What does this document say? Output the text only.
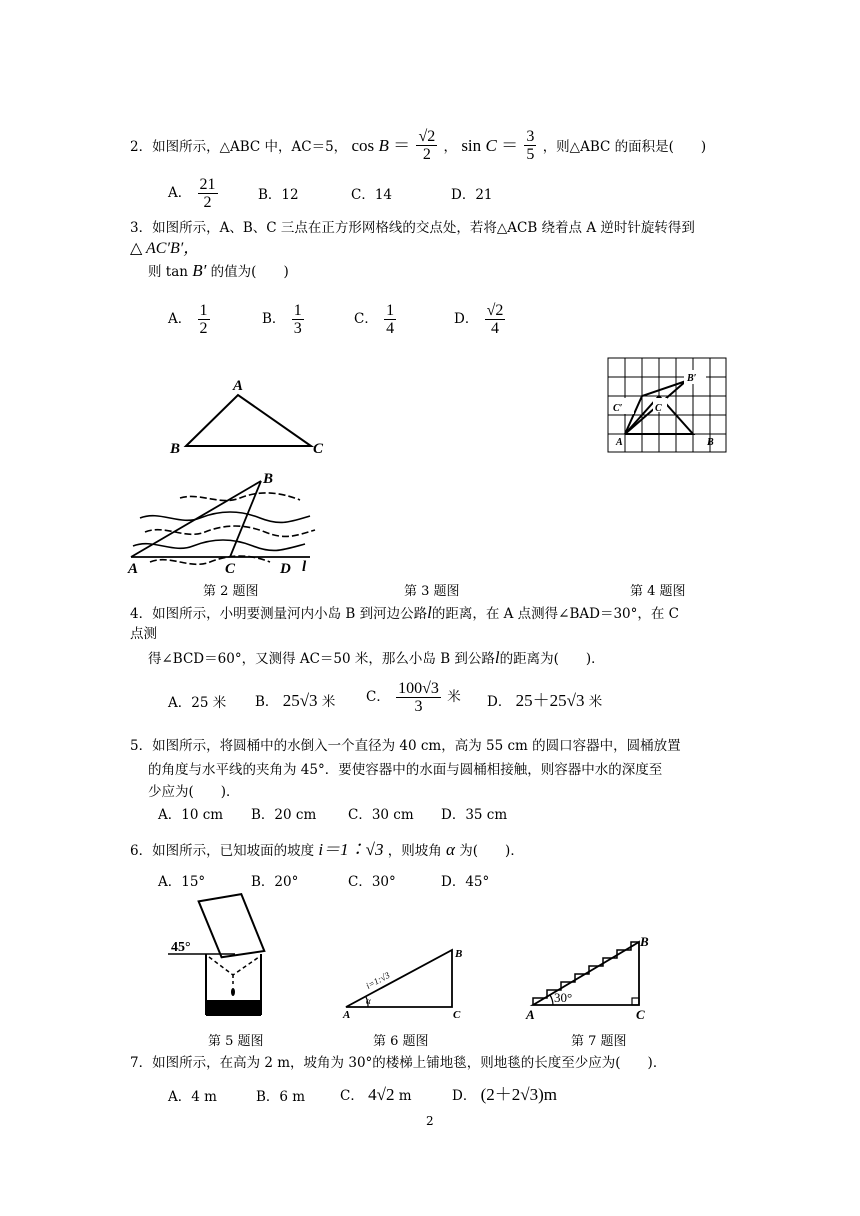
2．如图所示，△ABC 中，AC＝5， $\cos B = \frac{√2}{2}$ ， $\sin C = \frac{3}{5}$ ，则△ABC 的面积是(　　)
A． $\frac{21}{2}$	B．12	C．14	D．21
3．如图所示，A、B、C 三点在正方形网格线的交点处，若将△ACB 绕着点 A 逆时针旋转得到
△ AC′B′，
则 tan B′ 的值为(　　)
A． $\frac{1}{2}$	B． $\frac{1}{3}$	C． $\frac{1}{4}$	D． $\frac{√2}{4}$
A
B	C	A	B
C
C′
B′
B
A	C	D l
第 2 题图	第 3 题图	第 4 题图
4．如图所示，小明要测量河内小岛 B 到河边公路l的距离，在 A 点测得∠BAD＝30°，在 C
点测
得∠BCD＝60°，又测得 AC＝50 米，那么小岛 B 到公路l的距离为(　　)．
A．25 米 B． 25√3 米 C． $\frac{100√3}{3}$ 米 D． 25＋25√3 米
5．如图所示，将圆桶中的水倒入一个直径为 40 cm，高为 55 cm 的圆口容器中，圆桶放置
的角度与水平线的夹角为 45°．要使容器中的水面与圆桶相接触，则容器中水的深度至
少应为(　　)．
A．10 cm B．20 cm C．30 cm D．35 cm
6．如图所示，已知坡面的坡度 i＝1∶√3 ，则坡角 α 为(　　)．
A．15°	B．20°	C．30°	D．45°
45°
A	C
B
α
i=1:√3
30°
A	C
B
第 5 题图	第 6 题图	第 7 题图
7．如图所示，在高为 2 m，坡角为 30°的楼梯上铺地毯，则地毯的长度至少应为(　　)．
A．4 m	B．6 m	C． 4√2 m	D． (2＋2√3)m
2
